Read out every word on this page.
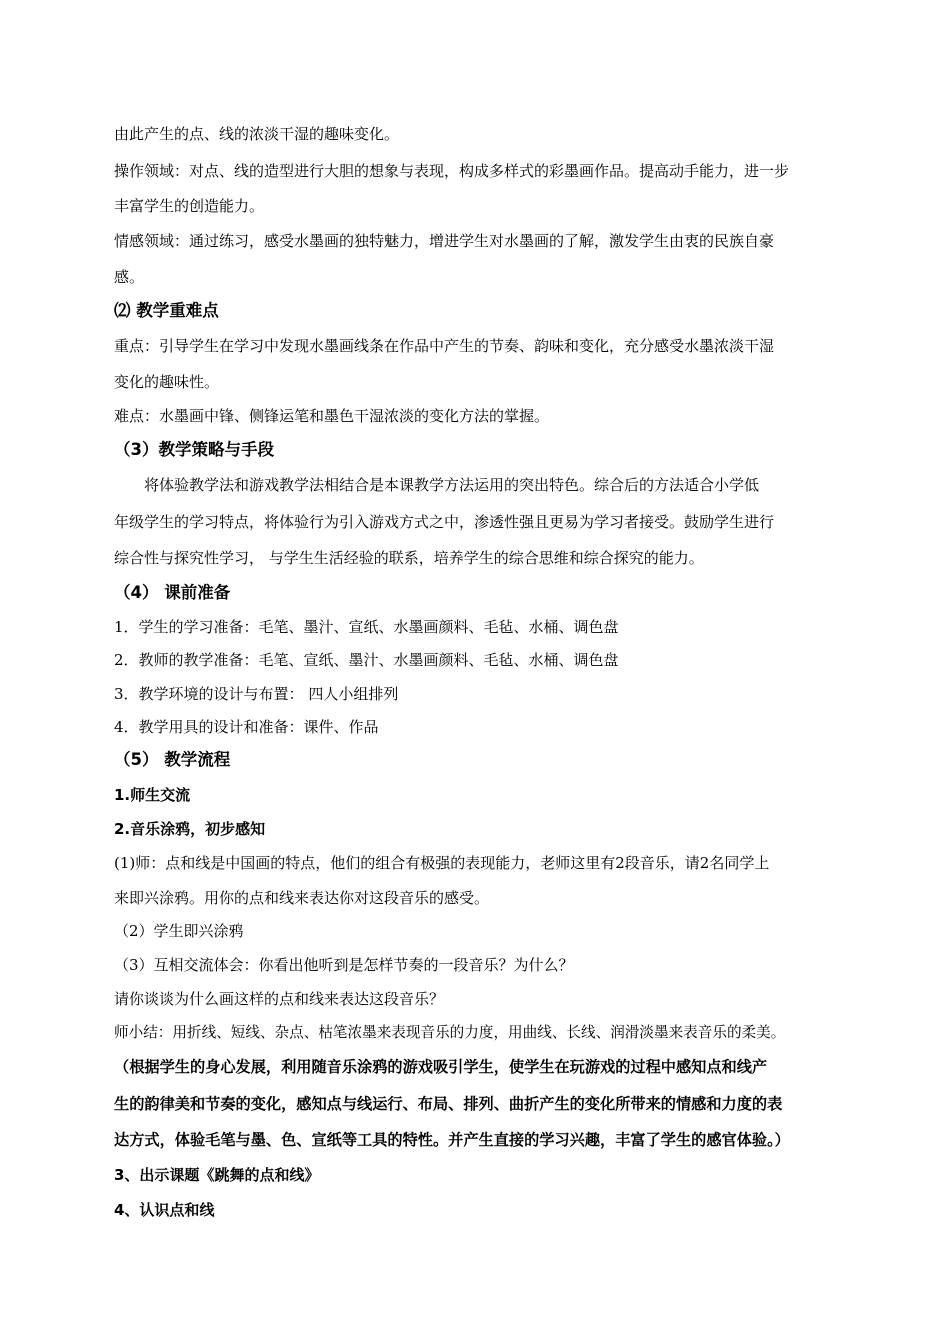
由此产生的点、线的浓淡干湿的趣味变化。
操作领域：对点、线的造型进行大胆的想象与表现，构成多样式的彩墨画作品。提高动手能力，进一步
丰富学生的创造能力。
情感领域：通过练习，感受水墨画的独特魅力，增进学生对水墨画的了解，激发学生由衷的民族自豪
感。
⑵ 教学重难点
重点：引导学生在学习中发现水墨画线条在作品中产生的节奏、韵味和变化，充分感受水墨浓淡干湿
变化的趣味性。
难点：水墨画中锋、侧锋运笔和墨色干湿浓淡的变化方法的掌握。
（3）教学策略与手段
将体验教学法和游戏教学法相结合是本课教学方法运用的突出特色。综合后的方法适合小学低
年级学生的学习特点，将体验行为引入游戏方式之中，渗透性强且更易为学习者接受。鼓励学生进行
综合性与探究性学习， 与学生生活经验的联系，培养学生的综合思维和综合探究的能力。
（4） 课前准备
1．学生的学习准备：毛笔、墨汁、宣纸、水墨画颜料、毛毡、水桶、调色盘
2．教师的教学准备：毛笔、宣纸、墨汁、水墨画颜料、毛毡、水桶、调色盘
3．教学环境的设计与布置： 四人小组排列
4．教学用具的设计和准备：课件、作品
（5） 教学流程
1.师生交流
2.音乐涂鸦，初步感知
(1)师：点和线是中国画的特点，他们的组合有极强的表现能力，老师这里有2段音乐，请2名同学上
来即兴涂鸦。用你的点和线来表达你对这段音乐的感受。
（2）学生即兴涂鸦
（3）互相交流体会：你看出他听到是怎样节奏的一段音乐？为什么？
请你谈谈为什么画这样的点和线来表达这段音乐？
师小结：用折线、短线、杂点、枯笔浓墨来表现音乐的力度，用曲线、长线、润滑淡墨来表音乐的柔美。
（根据学生的身心发展，利用随音乐涂鸦的游戏吸引学生，使学生在玩游戏的过程中感知点和线产
生的韵律美和节奏的变化，感知点与线运行、布局、排列、曲折产生的变化所带来的情感和力度的表
达方式，体验毛笔与墨、色、宣纸等工具的特性。并产生直接的学习兴趣，丰富了学生的感官体验。）
3、出示课题《跳舞的点和线》
4、认识点和线
